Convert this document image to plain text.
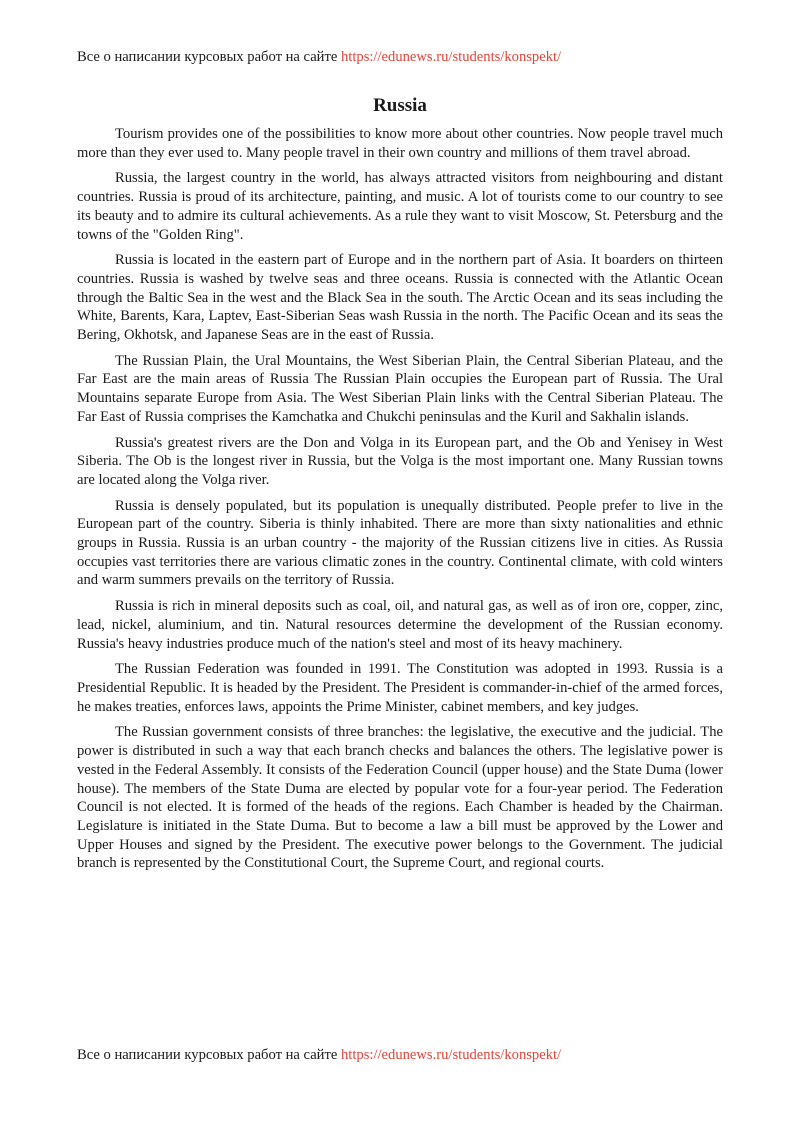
Все о написании курсовых работ на сайте https://edunews.ru/students/konspekt/
Russia

Tourism provides one of the possibilities to know more about other countries. Now people travel much more than they ever used to. Many people travel in their own country and millions of them travel abroad.

Russia, the largest country in the world, has always attracted visitors from neighbouring and distant countries. Russia is proud of its architecture, painting, and music. A lot of tourists come to our country to see its beauty and to admire its cultural achievements. As a rule they want to visit Moscow, St. Petersburg and the towns of the "Golden Ring".

Russia is located in the eastern part of Europe and in the northern part of Asia. It boarders on thirteen countries. Russia is washed by twelve seas and three oceans. Russia is connected with the Atlantic Ocean through the Baltic Sea in the west and the Black Sea in the south. The Arctic Ocean and its seas including the White, Barents, Kara, Laptev, East-Siberian Seas wash Russia in the north. The Pacific Ocean and its seas the Bering, Okhotsk, and Japanese Seas are in the east of Russia.

The Russian Plain, the Ural Mountains, the West Siberian Plain, the Central Siberian Plateau, and the Far East are the main areas of Russia The Russian Plain occupies the European part of Russia. The Ural Mountains separate Europe from Asia. The West Siberian Plain links with the Central Siberian Plateau. The Far East of Russia comprises the Kamchatka and Chukchi peninsulas and the Kuril and Sakhalin islands.

Russia's greatest rivers are the Don and Volga in its European part, and the Ob and Yenisey in West Siberia. The Ob is the longest river in Russia, but the Volga is the most important one. Many Russian towns are located along the Volga river.

Russia is densely populated, but its population is unequally distributed. People prefer to live in the European part of the country. Siberia is thinly inhabited. There are more than sixty nationalities and ethnic groups in Russia. Russia is an urban country - the majority of the Russian citizens live in cities. As Russia occupies vast territories there are various climatic zones in the country. Continental climate, with cold winters and warm summers prevails on the territory of Russia.

Russia is rich in mineral deposits such as coal, oil, and natural gas, as well as of iron ore, copper, zinc, lead, nickel, aluminium, and tin. Natural resources determine the development of the Russian economy. Russia's heavy industries produce much of the nation's steel and most of its heavy machinery.

The Russian Federation was founded in 1991. The Constitution was adopted in 1993. Russia is a Presidential Republic. It is headed by the President. The President is commander-in-chief of the armed forces, he makes treaties, enforces laws, appoints the Prime Minister, cabinet members, and key judges.

The Russian government consists of three branches: the legislative, the executive and the judicial. The power is distributed in such a way that each branch checks and balances the others. The legislative power is vested in the Federal Assembly. It consists of the Federation Council (upper house) and the State Duma (lower house). The members of the State Duma are elected by popular vote for a four-year period. The Federation Council is not elected. It is formed of the heads of the regions. Each Chamber is headed by the Chairman. Legislature is initiated in the State Duma. But to become a law a bill must be approved by the Lower and Upper Houses and signed by the President. The executive power belongs to the Government. The judicial branch is represented by the Constitutional Court, the Supreme Court, and regional courts.

Все о написании курсовых работ на сайте https://edunews.ru/students/konspekt/
